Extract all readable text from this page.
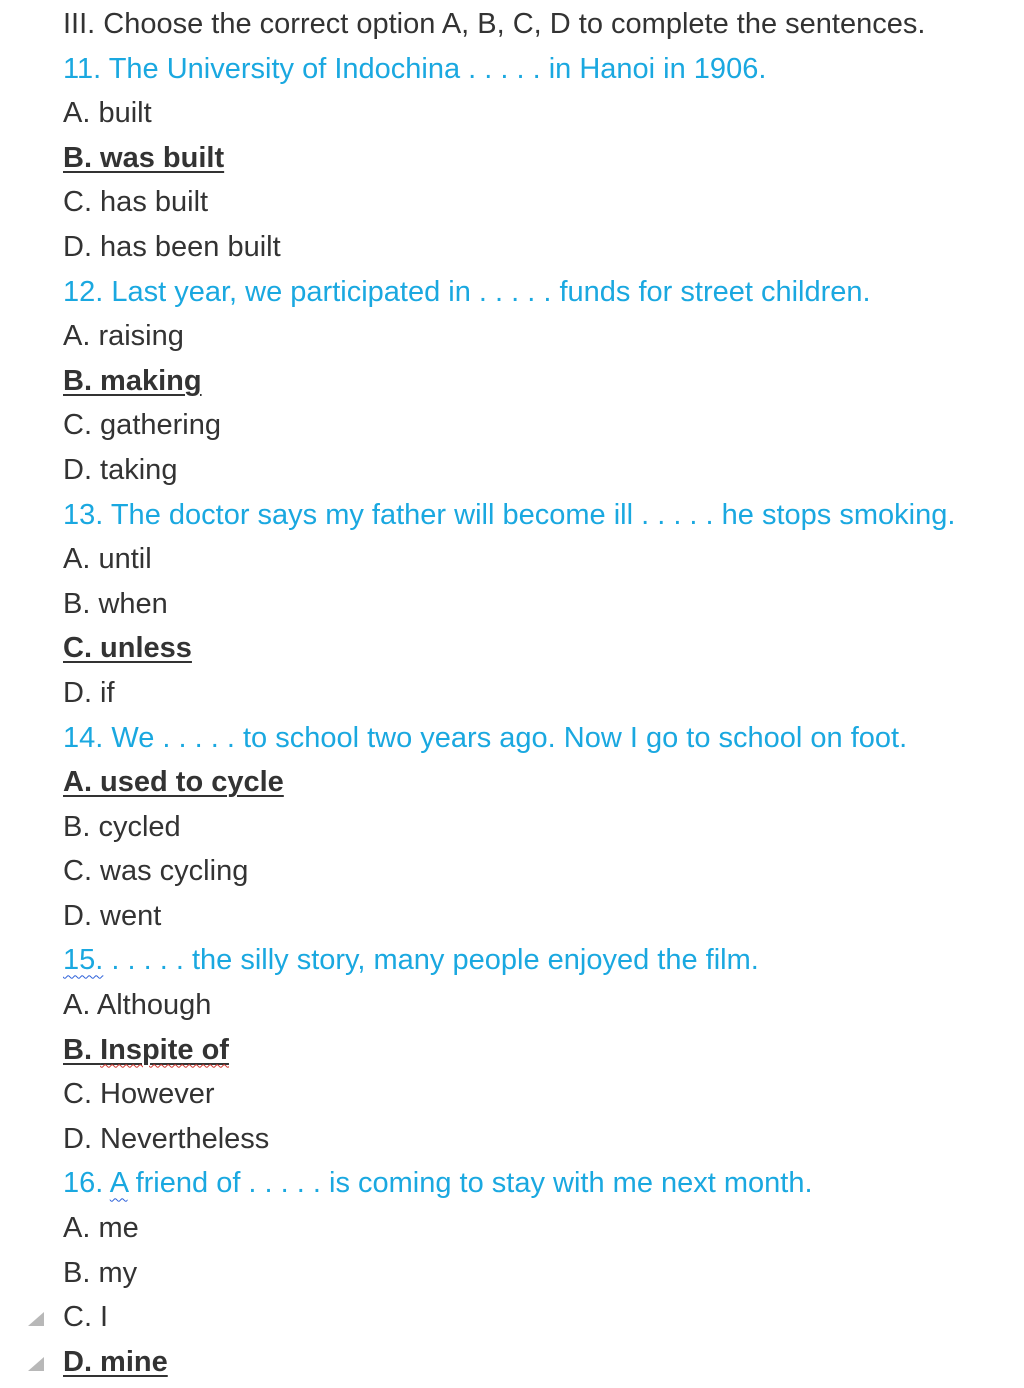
III. Choose the correct option A, B, C, D to complete the sentences.
11. The University of Indochina . . . . . in Hanoi in 1906.
A. built
B. was built
C. has built
D. has been built
12. Last year, we participated in . . . . . funds for street children.
A. raising
B. making
C. gathering
D. taking
13. The doctor says my father will become ill . . . . . he stops smoking.
A. until
B. when
C. unless
D. if
14. We . . . . . to school two years ago. Now I go to school on foot.
A. used to cycle
B. cycled
C. was cycling
D. went
15. . . . . . the silly story, many people enjoyed the film.
A. Although
B. Inspite of
C. However
D. Nevertheless
16. A friend of . . . . . is coming to stay with me next month.
A. me
B. my
C. I
D. mine
